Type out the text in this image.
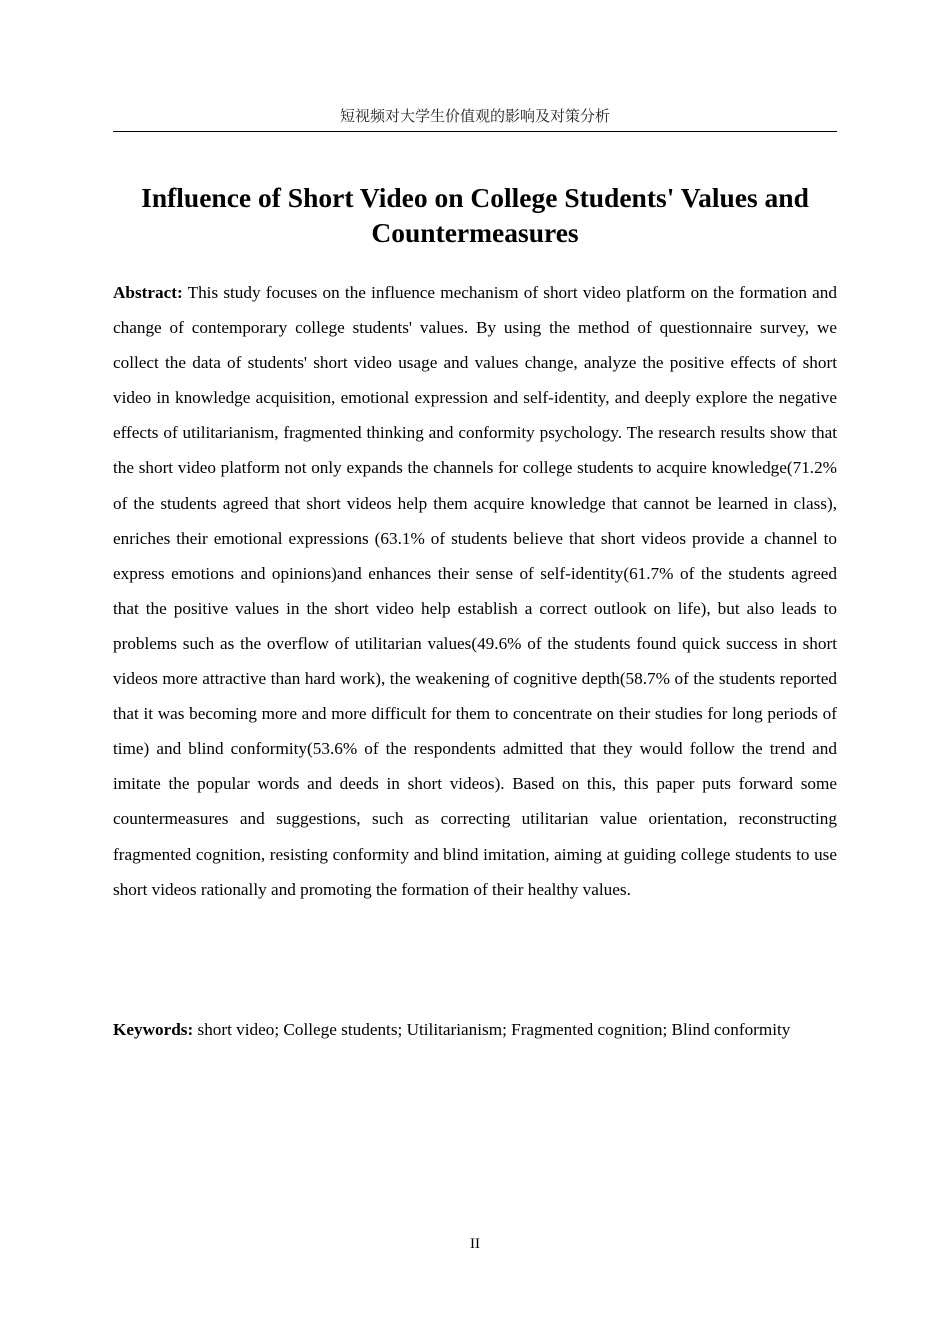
短视频对大学生价值观的影响及对策分析
Influence of Short Video on College Students' Values and Countermeasures

Abstract: This study focuses on the influence mechanism of short video platform on the formation and change of contemporary college students' values. By using the method of questionnaire survey, we collect the data of students' short video usage and values change, analyze the positive effects of short video in knowledge acquisition, emotional expression and self-identity, and deeply explore the negative effects of utilitarianism, fragmented thinking and conformity psychology. The research results show that the short video platform not only expands the channels for college students to acquire knowledge(71.2% of the students agreed that short videos help them acquire knowledge that cannot be learned in class), enriches their emotional expressions (63.1% of students believe that short videos provide a channel to express emotions and opinions)and enhances their sense of self-identity(61.7% of the students agreed that the positive values in the short video help establish a correct outlook on life), but also leads to problems such as the overflow of utilitarian values(49.6% of the students found quick success in short videos more attractive than hard work), the weakening of cognitive depth(58.7% of the students reported that it was becoming more and more difficult for them to concentrate on their studies for long periods of time) and blind conformity(53.6% of the respondents admitted that they would follow the trend and imitate the popular words and deeds in short videos). Based on this, this paper puts forward some countermeasures and suggestions, such as correcting utilitarian value orientation, reconstructing fragmented cognition, resisting conformity and blind imitation, aiming at guiding college students to use short videos rationally and promoting the formation of their healthy values.

Keywords: short video; College students; Utilitarianism; Fragmented cognition; Blind conformity

II
